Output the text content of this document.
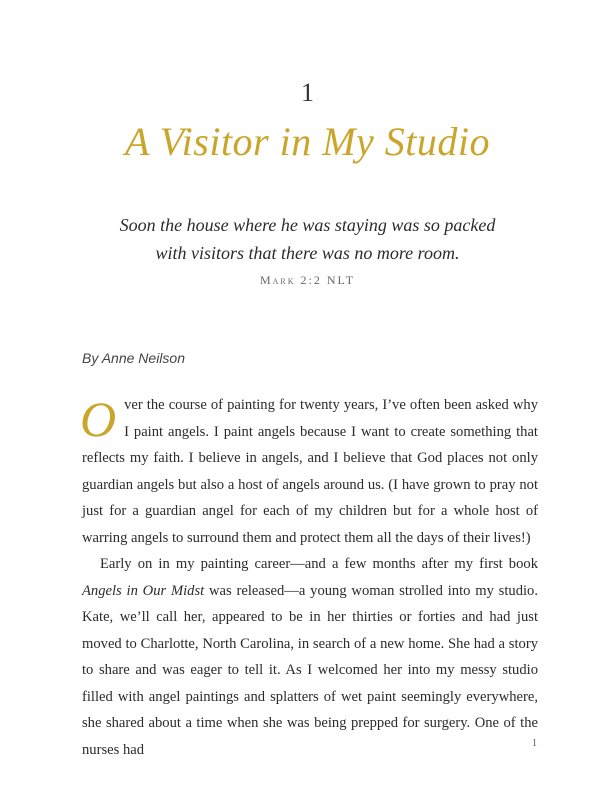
1
A Visitor in My Studio

Soon the house where he was staying was so packed

with visitors that there was no more room.

Mark 2:2 NLT
By Anne Neilson

Over the course of painting for twenty years, I’ve often been asked why I paint angels. I paint angels because I want to create something that reflects my faith. I believe in angels, and I believe that God places not only guardian angels but also a host of angels around us. (I have grown to pray not just for a guardian angel for each of my children but for a whole host of warring angels to surround them and protect them all the days of their lives!)

Early on in my painting career—and a few months after my first book Angels in Our Midst was released—a young woman strolled into my studio. Kate, we’ll call her, appeared to be in her thirties or forties and had just moved to Charlotte, North Carolina, in search of a new home. She had a story to share and was eager to tell it. As I welcomed her into my messy studio filled with angel paintings and splatters of wet paint seemingly everywhere, she shared about a time when she was being prepped for surgery. One of the nurses had	1
